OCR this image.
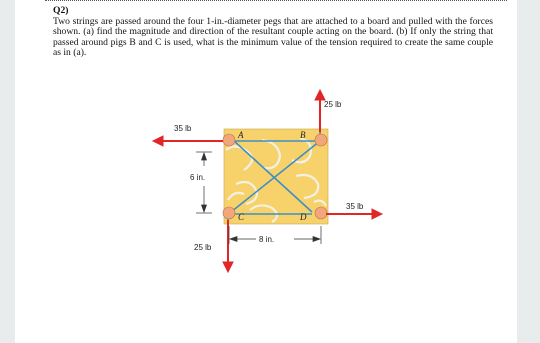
Q2)
Two strings are passed around the four 1-in.-diameter pegs that are attached to a board and pulled with the forces shown. (a) find the magnitude and direction of the resultant couple acting on the board. (b) If only the string that passed around pigs B and C is used, what is the minimum value of the tension required to create the same couple as in (a).
A	B
C	D
25 lb
35 lb
35 lb
25 lb
6 in.
8 in.
